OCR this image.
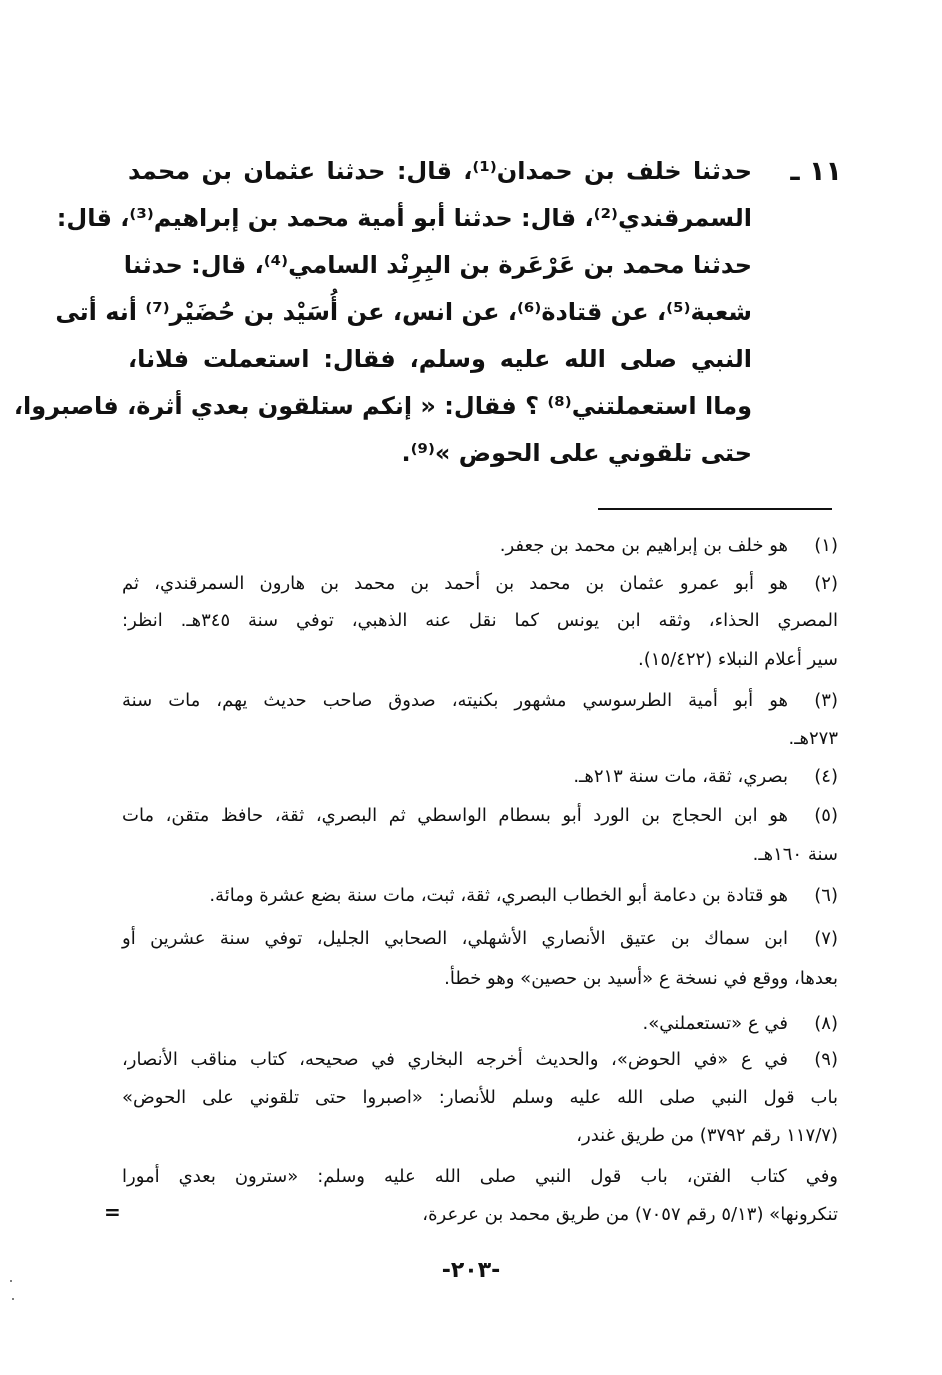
١١ ـ
حدثنا خلف بن حمدان⁽¹⁾، قال: حدثنا عثمان بن محمد
السمرقندي⁽²⁾، قال: حدثنا أبو أمية محمد بن إبراهيم⁽³⁾، قال:
حدثنا محمد بن عَرْعَرة بن البِرِنْد السامي⁽⁴⁾، قال: حدثنا
شعبة⁽⁵⁾، عن قتادة⁽⁶⁾، عن انس، عن أُسَيْد بن حُضَيْر⁽⁷⁾ أنه أتى
النبي صلى الله عليه وسلم، فقال: استعملت فلانا،
وماا استعملتني⁽⁸⁾ ؟ فقال: « إنكم ستلقون بعدي أثرة، فاصبروا،
حتى تلقوني على الحوض »⁽⁹⁾.
(١)
هو خلف بن إبراهيم بن محمد بن جعفر.
(٢)
هو أبو عمرو عثمان بن محمد بن أحمد بن محمد بن هارون السمرقندي، ثم
المصري الحذاء، وثقه ابن يونس كما نقل عنه الذهبي، توفي سنة ٣٤٥هـ. انظر:
سير أعلام النبلاء (١٥/٤٢٢).
(٣)
هو أبو أمية الطرسوسي مشهور بكنيته، صدوق صاحب حديث يهم، مات سنة
٢٧٣هـ.
(٤)
بصري، ثقة، مات سنة ٢١٣هـ.
(٥)
هو ابن الحجاج بن الورد أبو بسطام الواسطي ثم البصري، ثقة، حافظ متقن، مات
سنة ١٦٠هـ.
(٦)
هو قتادة بن دعامة أبو الخطاب البصري، ثقة، ثبت، مات سنة بضع عشرة ومائة.
(٧)
ابن سماك بن عتيق الأنصاري الأشهلي، الصحابي الجليل، توفي سنة عشرين أو
بعدها، ووقع في نسخة ع «أسيد بن حصين» وهو خطأ.
(٨)
في ع «تستعملني».
(٩)
في ع «في الحوض»، والحديث أخرجه البخاري في صحيحه، كتاب مناقب الأنصار،
باب قول النبي صلى الله عليه وسلم للأنصار: «اصبروا حتى تلقوني على الحوض»
(١١٧/٧ رقم ٣٧٩٢) من طريق غندر،
وفي كتاب الفتن، باب قول النبي صلى الله عليه وسلم: «سترون بعدي أمورا
تنكرونها» (٥/١٣ رقم ٧٠٥٧) من طريق محمد بن عرعرة،
=
-٢٠٣-
